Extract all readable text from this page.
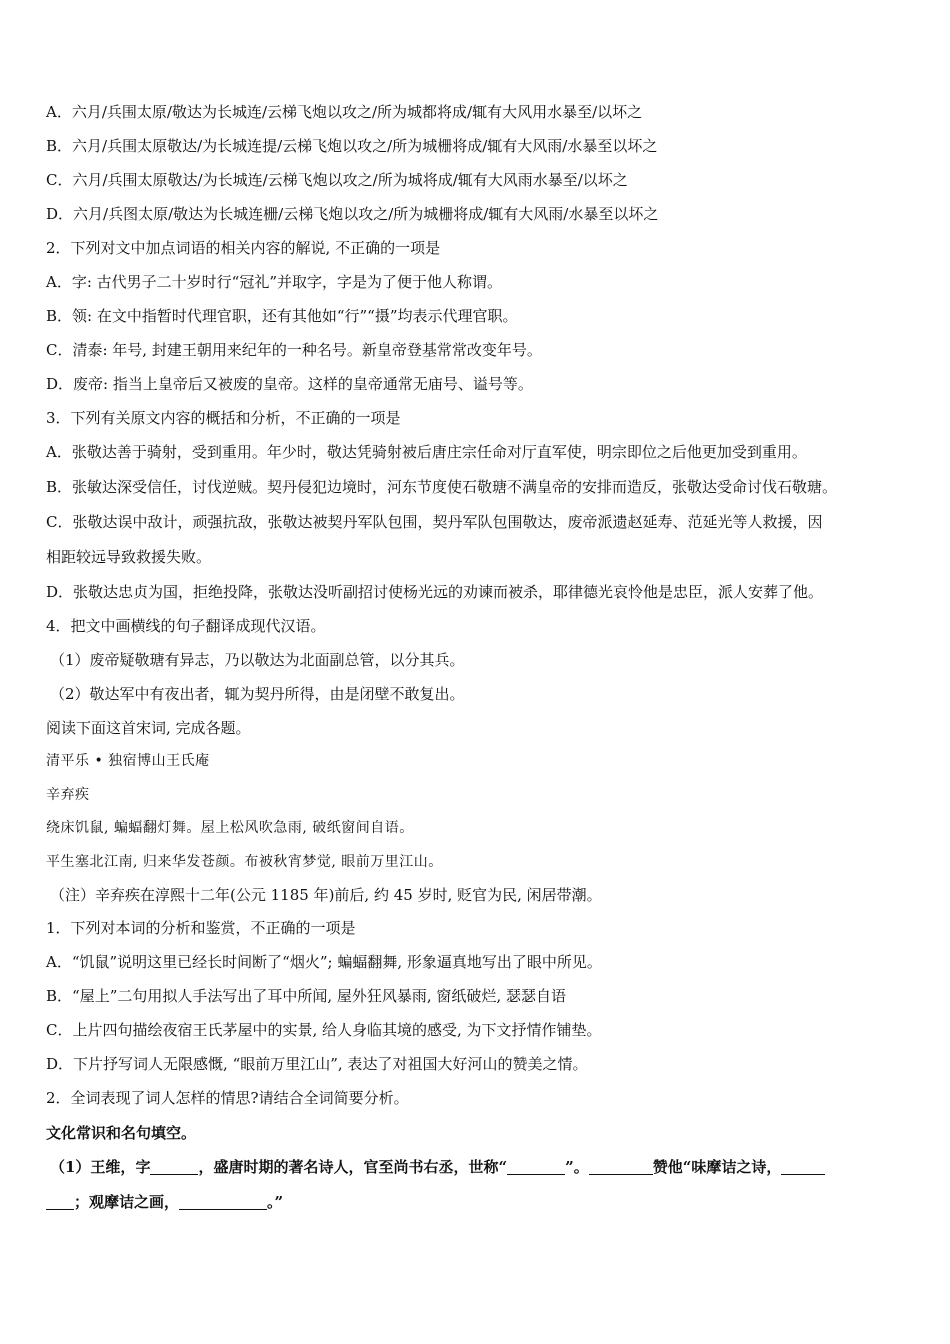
A．六月/兵围太原/敬达为长城连/云梯飞炮以攻之/所为城都将成/辄有大风用水暴至/以坏之
B．六月/兵围太原敬达/为长城连提/云梯飞炮以攻之/所为城栅将成/辄有大风雨/水暴至以坏之
C．六月/兵围太原敬达/为长城连/云梯飞炮以攻之/所为城将成/辄有大风雨水暴至/以坏之
D．六月/兵图太原/敬达为长城连栅/云梯飞炮以攻之/所为城栅将成/辄有大风雨/水暴至以坏之
2．下列对文中加点词语的相关内容的解说, 不正确的一项是
A．字: 古代男子二十岁时行“冠礼”并取字，字是为了便于他人称谓。
B．领: 在文中指暂时代理官职，还有其他如“行”“摄”均表示代理官职。
C．清泰: 年号, 封建王朝用来纪年的一种名号。新皇帝登基常常改变年号。
D．废帝: 指当上皇帝后又被废的皇帝。这样的皇帝通常无庙号、谥号等。
3．下列有关原文内容的概括和分析，不正确的一项是
A．张敬达善于骑射，受到重用。年少时，敬达凭骑射被后唐庄宗任命对厅直军使，明宗即位之后他更加受到重用。
B．张敏达深受信任，讨伐逆贼。契丹侵犯边境时，河东节度使石敬瑭不满皇帝的安排而造反，张敬达受命讨伐石敬瑭。
C．张敬达误中敌计，顽强抗敌，张敬达被契丹军队包围，契丹军队包围敬达，废帝派遗赵延寿、范延光等人救援，因
相距较远导致救援失败。
D．张敬达忠贞为国，拒绝投降，张敬达没听副招讨使杨光远的劝谏而被杀，耶律德光哀怜他是忠臣，派人安葬了他。
4．把文中画横线的句子翻译成现代汉语。
（1）废帝疑敬瑭有异志，乃以敬达为北面副总管，以分其兵。
（2）敬达军中有夜出者，辄为契丹所得，由是闭壁不敢复出。
阅读下面这首宋词, 完成各题。
清平乐 • 独宿博山王氏庵
辛弃疾
绕床饥鼠, 蝙蝠翻灯舞。屋上松风吹急雨, 破纸窗间自语。
平生塞北江南, 归来华发苍颜。布被秋宵梦觉, 眼前万里江山。
（注）辛弃疾在淳熙十二年(公元 1185 年)前后, 约 45 岁时, 贬官为民, 闲居带潮。
1．下列对本词的分析和鉴赏，不正确的一项是
A．“饥鼠”说明这里已经长时间断了“烟火”; 蝙蝠翻舞, 形象逼真地写出了眼中所见。
B．“屋上”二句用拟人手法写出了耳中所闻, 屋外狂风暴雨, 窗纸破烂, 瑟瑟自语
C．上片四句描绘夜宿王氏茅屋中的实景, 给人身临其境的感受, 为下文抒情作铺垫。
D．下片抒写词人无限感慨, “眼前万里江山”, 表达了对祖国大好河山的赞美之情。
2．全词表现了词人怎样的情思?请结合全词简要分析。
文化常识和名句填空。
（1）王维，字	，盛唐时期的著名诗人，官至尚书右丞，世称“	”。	赞他“味摩诘之诗，
；观摩诘之画，	。”
